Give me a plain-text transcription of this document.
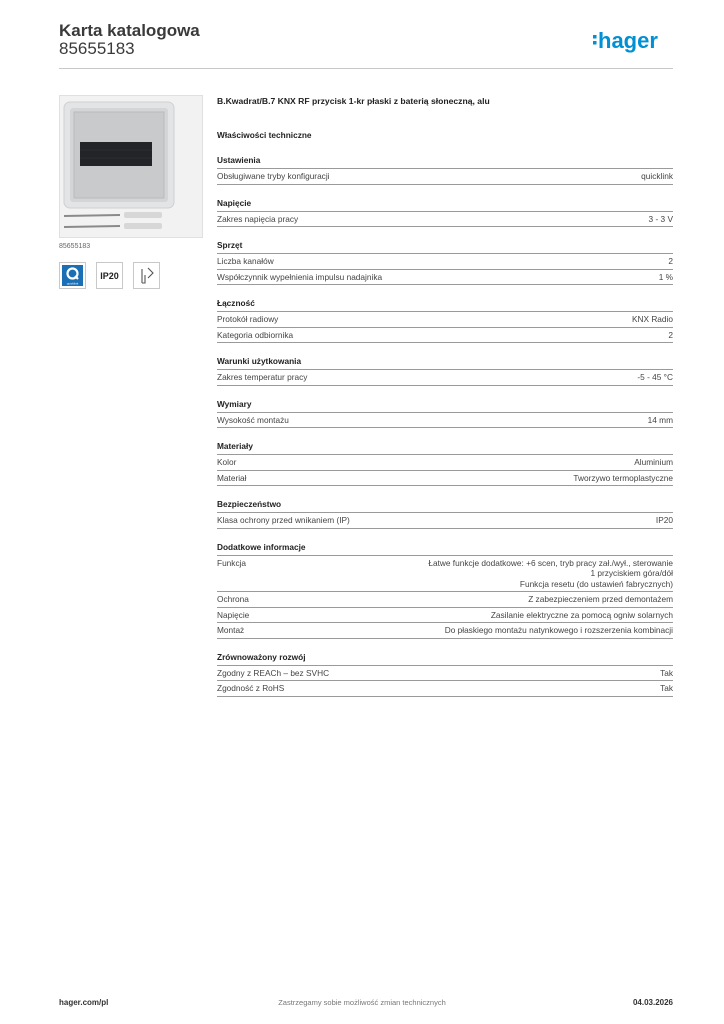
Karta katalogowa
85655183	hager
85655183
quicklink
IP20
B.Kwadrat/B.7 KNX RF przycisk 1-kr płaski z baterią słoneczną, alu
Właściwości techniczne
Ustawienia
Obsługiwane tryby konfiguracji	quicklink
Napięcie
Zakres napięcia pracy	3 - 3 V
Sprzęt
Liczba kanałów	2
Współczynnik wypełnienia impulsu nadajnika	1 %
Łączność
Protokół radiowy	KNX Radio
Kategoria odbiornika	2
Warunki użytkowania
Zakres temperatur pracy	-5 - 45 °C
Wymiary
Wysokość montażu	14 mm
Materiały
Kolor	Aluminium
Materiał	Tworzywo termoplastyczne
Bezpieczeństwo
Klasa ochrony przed wnikaniem (IP)	IP20
Dodatkowe informacje
Funkcja	Łatwe funkcje dodatkowe: +6 scen, tryb pracy zał./wył., sterowanie 1 przyciskiem góra/dół
Funkcja resetu (do ustawień fabrycznych)
Ochrona	Z zabezpieczeniem przed demontażem
Napięcie	Zasilanie elektryczne za pomocą ogniw solarnych
Montaż	Do płaskiego montażu natynkowego i rozszerzenia kombinacji
Zrównoważony rozwój
Zgodny z REACh – bez SVHC	Tak
Zgodność z RoHS	Tak
Zastrzegamy sobie możliwość zmian technicznych
hager.com/pl	04.03.2026
